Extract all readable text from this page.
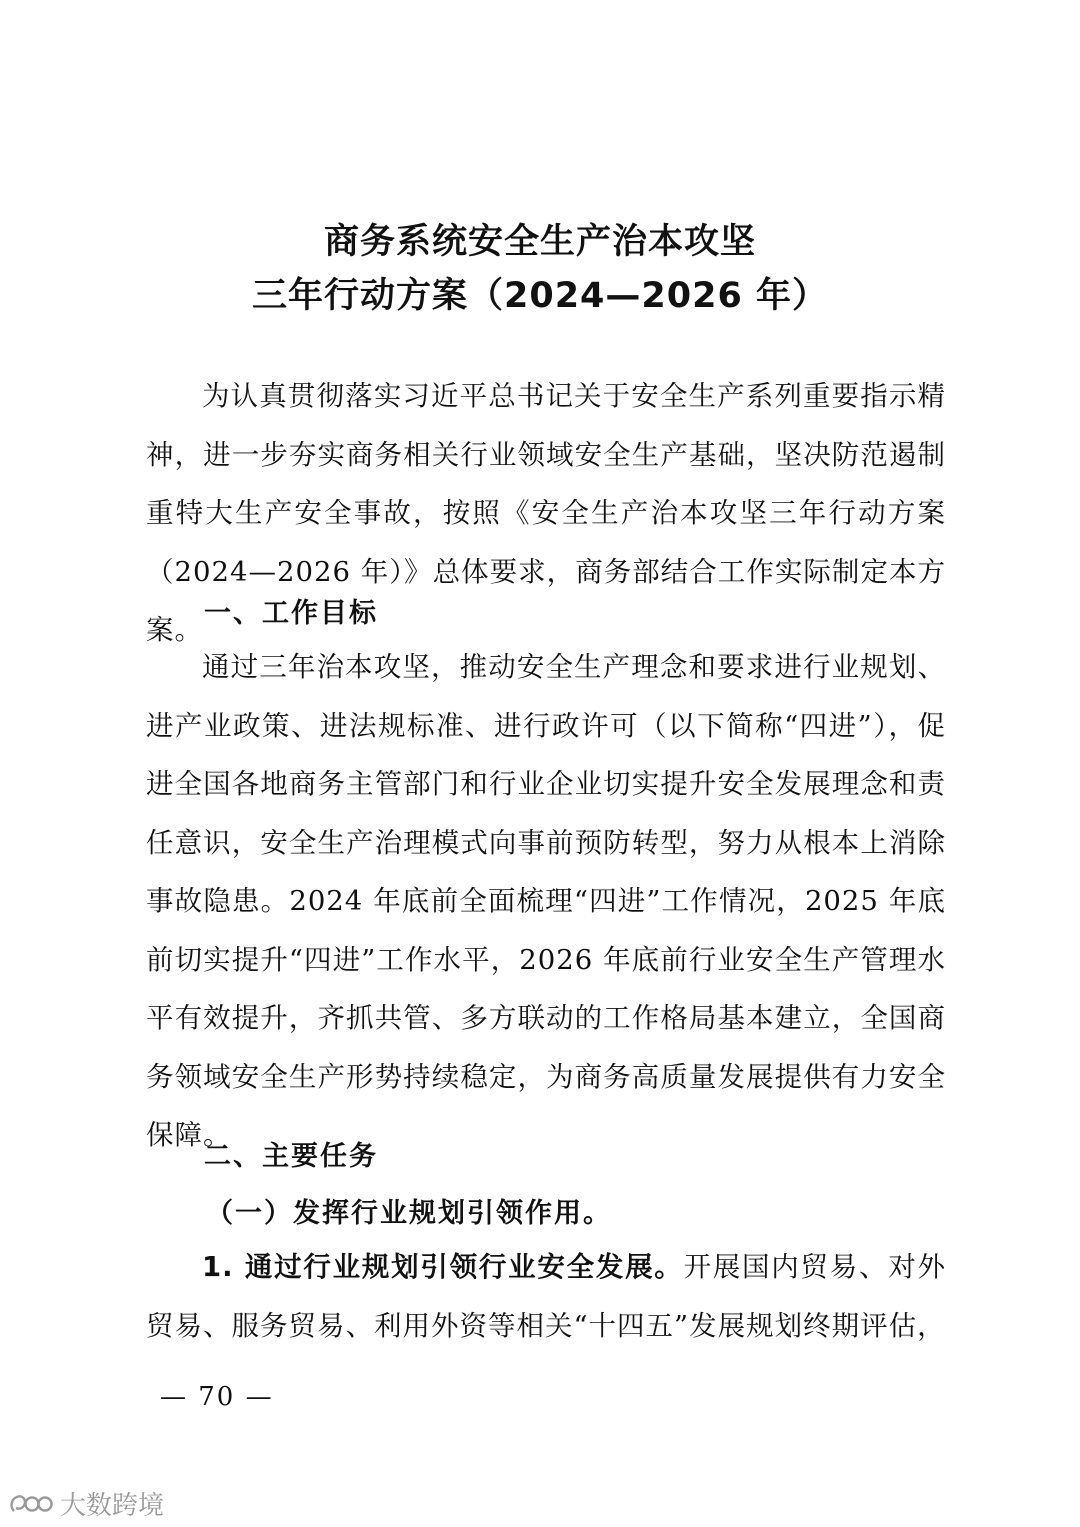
商务系统安全生产治本攻坚
三年行动方案（2024—2026 年）
为认真贯彻落实习近平总书记关于安全生产系列重要指示精神，进一步夯实商务相关行业领域安全生产基础，坚决防范遏制重特大生产安全事故，按照《安全生产治本攻坚三年行动方案（2024—2026 年）》总体要求，商务部结合工作实际制定本方案。
一、工作目标
通过三年治本攻坚，推动安全生产理念和要求进行业规划、进产业政策、进法规标准、进行政许可（以下简称“四进”），促进全国各地商务主管部门和行业企业切实提升安全发展理念和责任意识，安全生产治理模式向事前预防转型，努力从根本上消除事故隐患。2024 年底前全面梳理“四进”工作情况，2025 年底前切实提升“四进”工作水平，2026 年底前行业安全生产管理水平有效提升，齐抓共管、多方联动的工作格局基本建立，全国商务领域安全生产形势持续稳定，为商务高质量发展提供有力安全保障。
二、主要任务
（一）发挥行业规划引领作用。
1. 通过行业规划引领行业安全发展。开展国内贸易、对外贸易、服务贸易、利用外资等相关“十四五”发展规划终期评估，
— 70 —
大数跨境
